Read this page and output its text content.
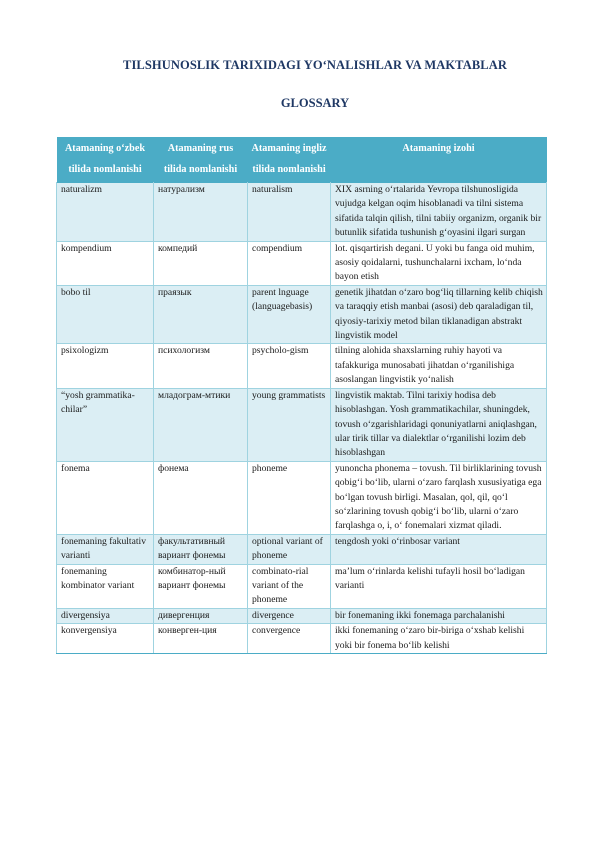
TILSHUNOSLIK TARIXIDAGI YO‘NALISHLAR VA MAKTABLAR
GLOSSARY
Atamaning o‘zbek tilida nomlanishi	Atamaning rus tilida nomlanishi	Atamaning ingliz tilida nomlanishi	Atamaning izohi
naturalizm	натурализм	naturalism	XIX asrning o‘rtalarida Yevropa tilshunosligida vujudga kelgan oqim hisoblanadi va tilni sistema sifatida talqin qilish, tilni tabiiy organizm, organik bir butunlik sifatida tushunish g‘oyasini ilgari surgan
kompendium	компедий	compendium	lot. qisqartirish degani. U yoki bu fanga oid muhim, asosiy qoidalarni, tushunchalarni ixcham, lo‘nda bayon etish
bobo til	праязык	parent lnguage (languagebasis)	genetik jihatdan o‘zaro bog‘liq tillarning kelib chiqish va taraqqiy etish manbai (asosi) deb qaraladigan til, qiyosiy-tarixiy metod bilan tiklanadigan abstrakt lingvistik model
psixologizm	психологизм	psycholo-gism	tilning alohida shaxslarning ruhiy hayoti va tafakkuriga munosabati jihatdan o‘rganilishiga asoslangan lingvistik yo‘nalish
“yosh grammatika-chilar”	младограм-мтики	young grammatists	lingvistik maktab. Tilni tarixiy hodisa deb hisoblashgan. Yosh grammatikachilar, shuningdek, tovush o‘zgarishlaridagi qonuniyatlarni aniqlashgan, ular tirik tillar va dialektlar o‘rganilishi lozim deb hisoblashgan
fonema	фонема	phoneme	yunoncha phonema – tovush. Til birliklarining tovush qobig‘i bo‘lib, ularni o‘zaro farqlash xususiyatiga ega bo‘lgan tovush birligi. Masalan, qol, qil, qo‘l so‘zlarining tovush qobig‘i bo‘lib, ularni o‘zaro farqlashga o, i, o‘ fonemalari xizmat qiladi.
fonemaning fakultativ varianti	факультативный вариант фонемы	optional variant of phoneme	tengdosh yoki o‘rinbosar variant
fonemaning kombinator variant	комбинатор-ный вариант фонемы	combinato-rial variant of the phoneme	ma’lum o‘rinlarda kelishi tufayli hosil bo‘ladigan varianti
divergensiya	дивергенция	divergence	bir fonemaning ikki fonemaga parchalanishi
konvergensiya	конверген-ция	convergence	ikki fonemaning o‘zaro bir-biriga o‘xshab kelishi yoki bir fonema bo‘lib kelishi
